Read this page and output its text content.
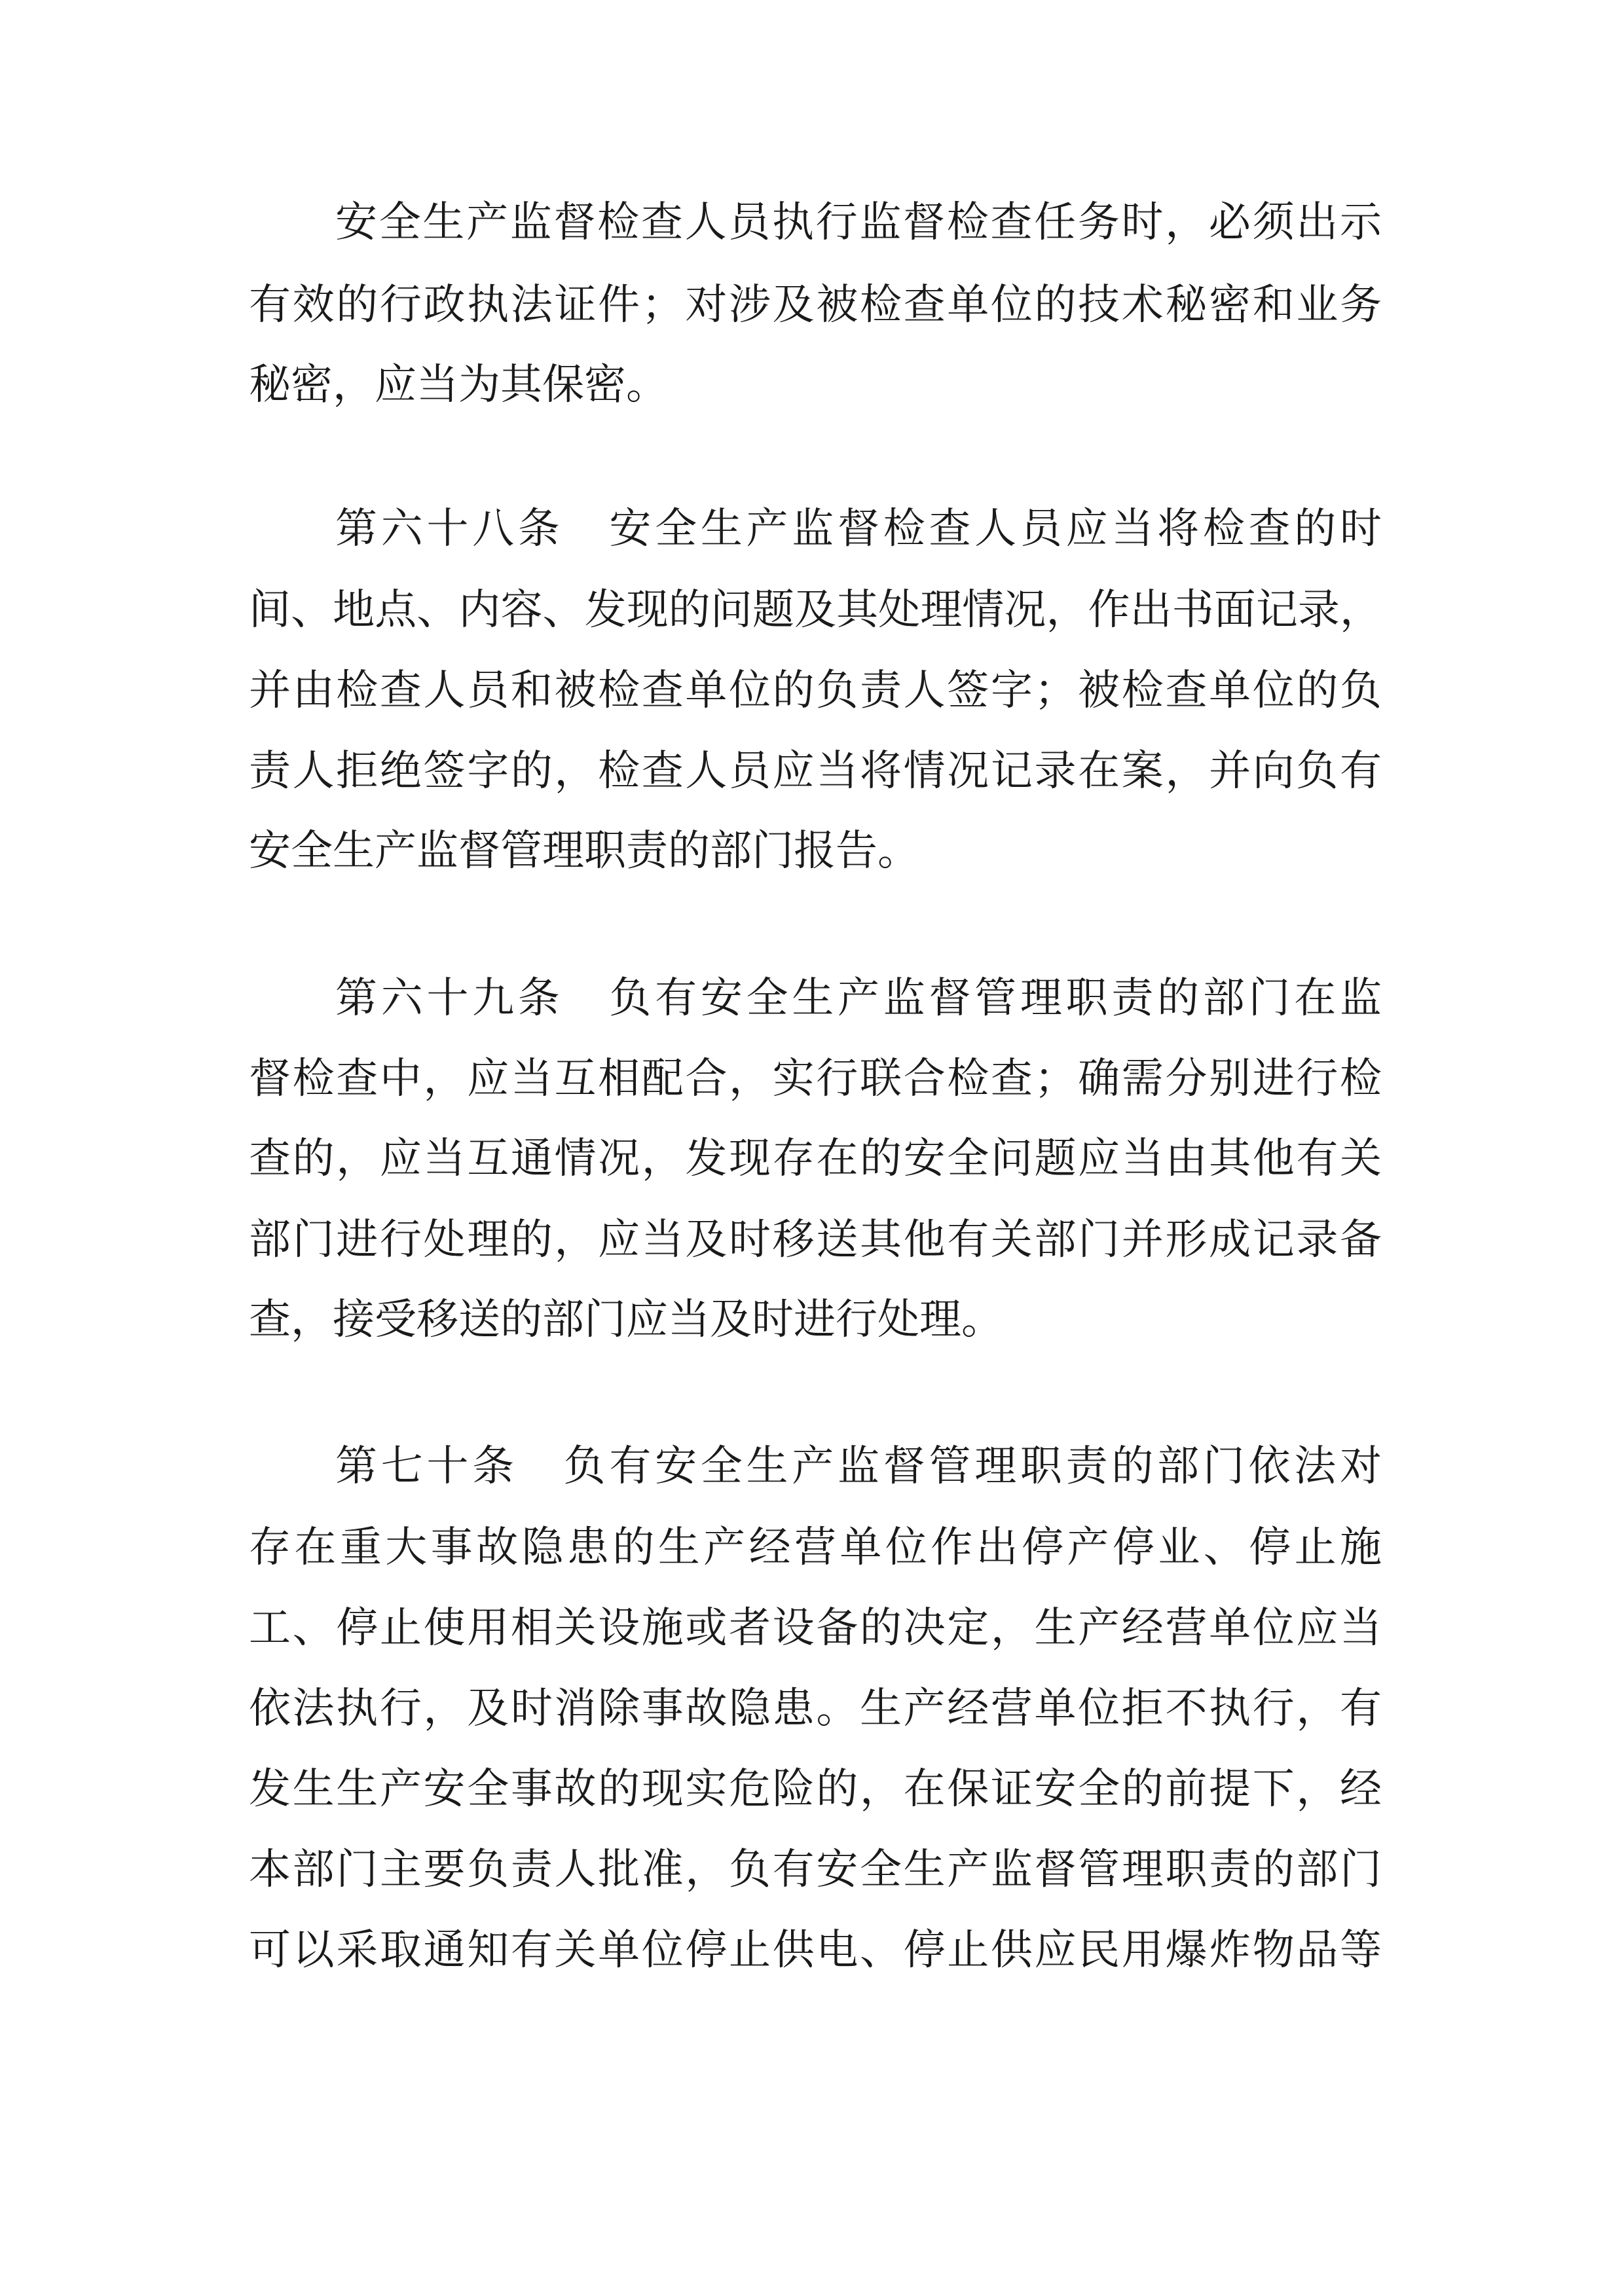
安全生产监督检查人员执行监督检查任务时，必须出示
有效的行政执法证件；对涉及被检查单位的技术秘密和业务
秘密，应当为其保密。
第六十八条 安全生产监督检查人员应当将检查的时
间、地点、内容、发现的问题及其处理情况，作出书面记录，
并由检查人员和被检查单位的负责人签字；被检查单位的负
责人拒绝签字的，检查人员应当将情况记录在案，并向负有
安全生产监督管理职责的部门报告。
第六十九条 负有安全生产监督管理职责的部门在监
督检查中，应当互相配合，实行联合检查；确需分别进行检
查的，应当互通情况，发现存在的安全问题应当由其他有关
部门进行处理的，应当及时移送其他有关部门并形成记录备
查，接受移送的部门应当及时进行处理。
第七十条 负有安全生产监督管理职责的部门依法对
存在重大事故隐患的生产经营单位作出停产停业、停止施
工、停止使用相关设施或者设备的决定，生产经营单位应当
依法执行，及时消除事故隐患。生产经营单位拒不执行，有
发生生产安全事故的现实危险的，在保证安全的前提下，经
本部门主要负责人批准，负有安全生产监督管理职责的部门
可以采取通知有关单位停止供电、停止供应民用爆炸物品等
